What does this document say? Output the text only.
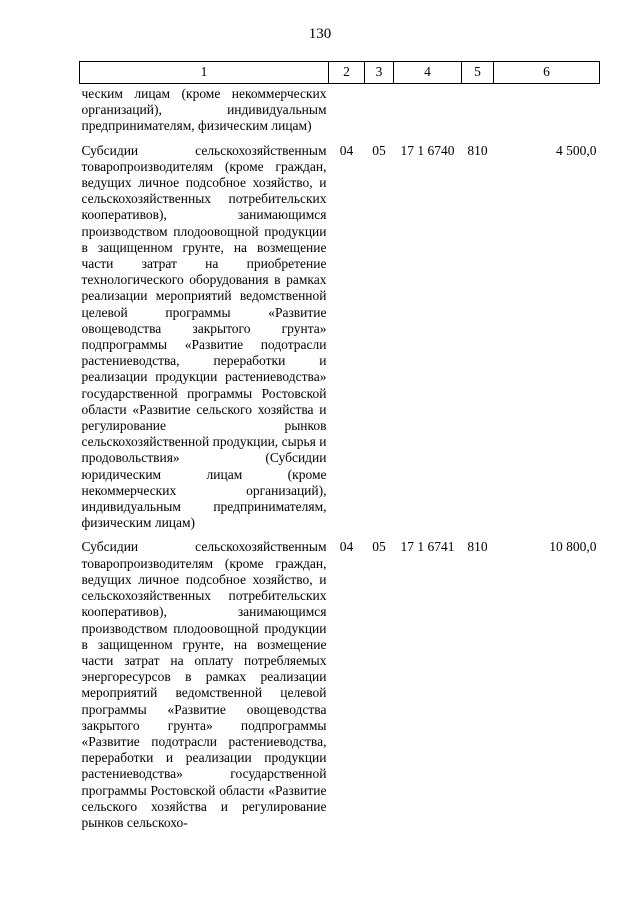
130
1	2	3	4	5	6
ческим лицам (кроме некоммерческих организаций), индивидуальным предпринимателям, физическим лицам)					

Субсидии сельскохозяйственным товаропроизводителям (кроме граждан, ведущих личное подсобное хозяйство, и сельскохозяйственных потребительских кооперативов), занимающимся производством плодоовощной продукции в защищенном грунте, на возмещение части затрат на приобретение технологического оборудования в рамках реализации мероприятий ведомственной целевой программы «Развитие овощеводства закрытого грунта» подпрограммы «Развитие подотрасли растениеводства, переработки и реализации продукции растениеводства» государственной программы Ростовской области «Развитие сельского хозяйства и регулирование рынков сельскохозяйственной продукции, сырья и продовольствия» (Субсидии юридическим лицам (кроме некоммерческих организаций), индивидуальным предпринимателям, физическим лицам)	04	05	17 1 6740	810	4 500,0

Субсидии сельскохозяйственным товаропроизводителям (кроме граждан, ведущих личное подсобное хозяйство, и сельскохозяйственных потребительских кооперативов), занимающимся производством плодоовощной продукции в защищенном грунте, на возмещение части затрат на оплату потребляемых энергоресурсов в рамках реализации мероприятий ведомственной целевой программы «Развитие овощеводства закрытого грунта» подпрограммы «Развитие подотрасли растениеводства, переработки и реализации продукции растениеводства» государственной программы Ростовской области «Развитие сельского хозяйства и регулирование рынков сельскохо-	04	05	17 1 6741	810	10 800,0
